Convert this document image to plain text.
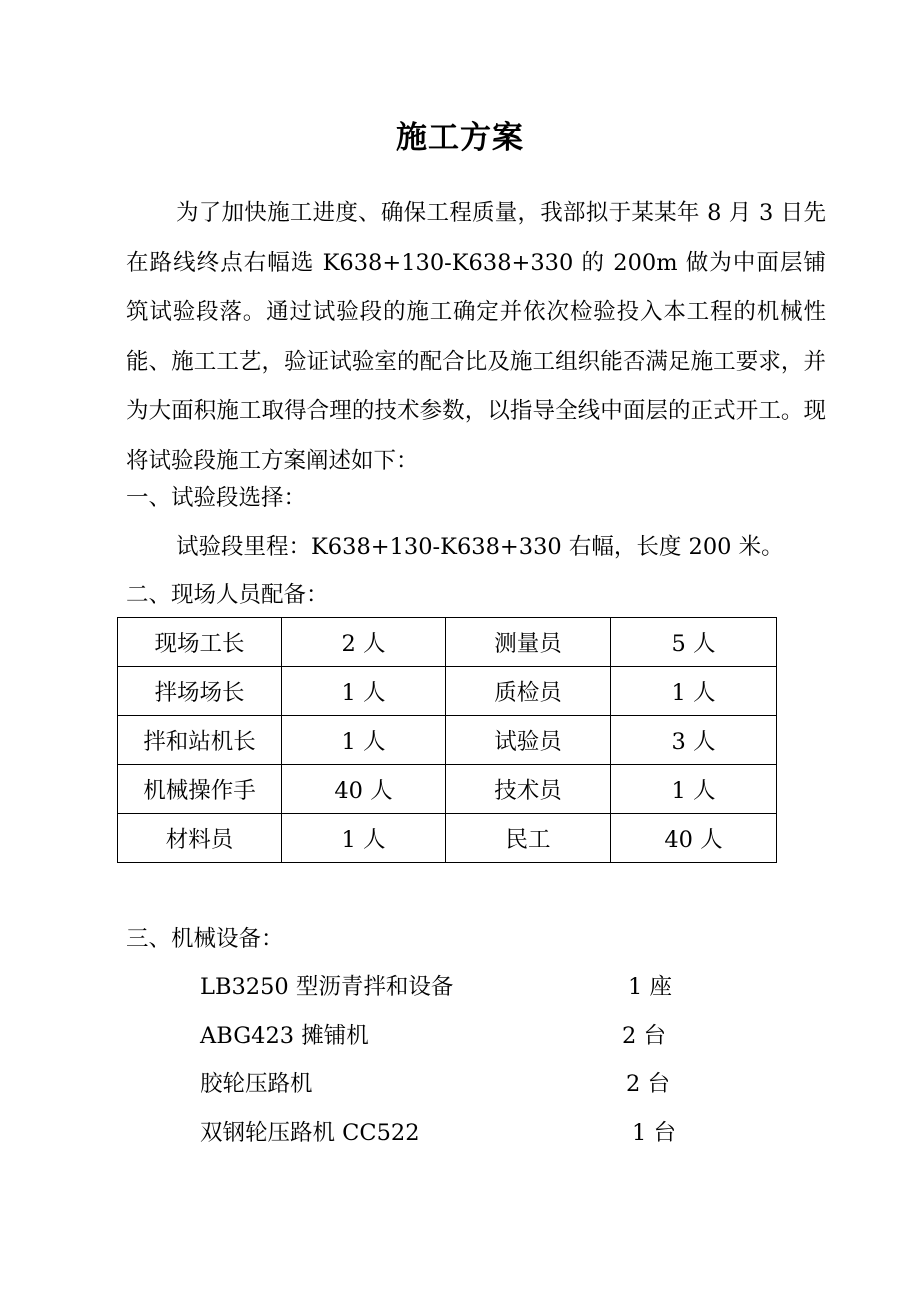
施工方案
为了加快施工进度、确保工程质量，我部拟于某某年 8 月 3 日先在路线终点右幅选 K638+130-K638+330 的 200m 做为中面层铺筑试验段落。通过试验段的施工确定并依次检验投入本工程的机械性能、施工工艺，验证试验室的配合比及施工组织能否满足施工要求，并为大面积施工取得合理的技术参数，以指导全线中面层的正式开工。现将试验段施工方案阐述如下：
一、试验段选择：
试验段里程：K638+130-K638+330 右幅，长度 200 米。
二、现场人员配备：
现场工长	2 人	测量员	5 人
拌场场长	1 人	质检员	1 人
拌和站机长	1 人	试验员	3 人
机械操作手	40 人	技术员	1 人
材料员	1 人	民工	40 人
三、机械设备：
LB3250 型沥青拌和设备	1 座
ABG423 摊铺机	2 台
胶轮压路机	2 台
双钢轮压路机 CC522	1 台
